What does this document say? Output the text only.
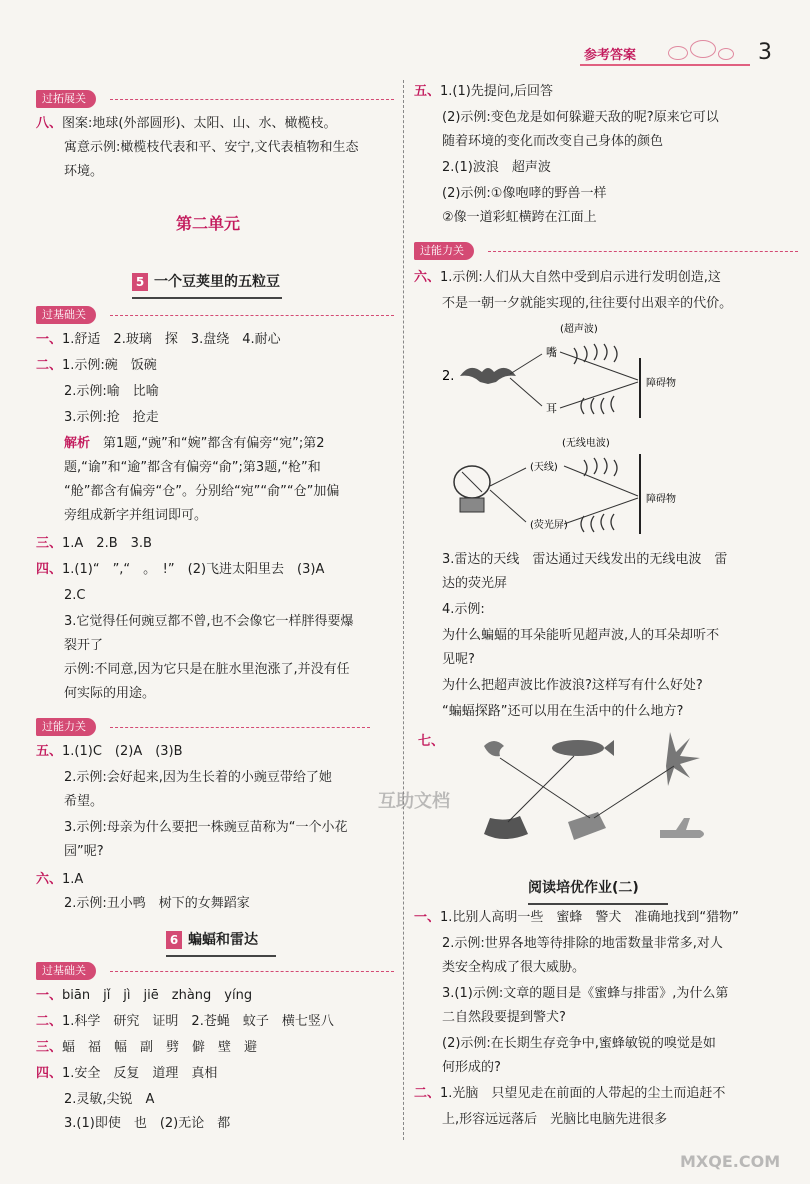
参考答案	3
过拓展关
八、图案:地球(外部圆形)、太阳、山、水、橄榄枝。
寓意示例:橄榄枝代表和平、安宁,文代表植物和生态
环境。
第二单元
5 一个豆荚里的五粒豆
过基础关
一、1.舒适　2.玻璃　探　3.盘绕　4.耐心
二、1.示例:碗　饭碗
2.示例:喻　比喻
3.示例:抢　抢走
解析　第1题,“豌”和“婉”都含有偏旁“宛”;第2
题,“谕”和“逾”都含有偏旁“俞”;第3题,“枪”和
“舱”都含有偏旁“仓”。分别给“宛”“俞”“仓”加偏
旁组成新字并组词即可。
三、1.A　2.B　3.B
四、1.(1)“　”,“　。　!”　(2)飞进太阳里去　(3)A
2.C
3.它觉得任何豌豆都不曾,也不会像它一样胖得要爆
裂开了
示例:不同意,因为它只是在脏水里泡涨了,并没有任
何实际的用途。
过能力关
五、1.(1)C　(2)A　(3)B
2.示例:会好起来,因为生长着的小豌豆带给了她
希望。
3.示例:母亲为什么要把一株豌豆苗称为“一个小花
园”呢?
六、1.A
2.示例:丑小鸭　树下的女舞蹈家
6 蝙蝠和雷达
过基础关
一、biān　jǐ　jì　jiē　zhàng　yíng
二、1.科学　研究　证明　2.苍蝇　蚊子　横七竖八
三、蝠　福　幅　副　劈　僻　壁　避
四、1.安全　反复　道理　真相
2.灵敏,尖锐　A
3.(1)即使　也　(2)无论　都
五、1.(1)先提问,后回答
(2)示例:变色龙是如何躲避天敌的呢?原来它可以
随着环境的变化而改变自己身体的颜色
2.(1)波浪　超声波
(2)示例:①像咆哮的野兽一样
②像一道彩虹横跨在江面上
过能力关
六、1.示例:人们从大自然中受到启示进行发明创造,这
不是一朝一夕就能实现的,往往要付出艰辛的代价。
2.
(超声波)
嘴
耳
障碍物
(无线电波)
(天线)
(荧光屏)
障碍物
3.雷达的天线　雷达通过天线发出的无线电波　雷
达的荧光屏
4.示例:
为什么蝙蝠的耳朵能听见超声波,人的耳朵却听不
见呢?
为什么把超声波比作波浪?这样写有什么好处?
“蝙蝠探路”还可以用在生活中的什么地方?
七、
互助文档
阅读培优作业(二)
一、1.比别人高明一些　蜜蜂　警犬　准确地找到“猎物”
2.示例:世界各地等待排除的地雷数量非常多,对人
类安全构成了很大威胁。
3.(1)示例:文章的题目是《蜜蜂与排雷》,为什么第
二自然段要提到警犬?
(2)示例:在长期生存竞争中,蜜蜂敏锐的嗅觉是如
何形成的?
二、1.光脑　只望见走在前面的人带起的尘土而追赶不
上,形容远远落后　光脑比电脑先进很多
MXQE.COM
